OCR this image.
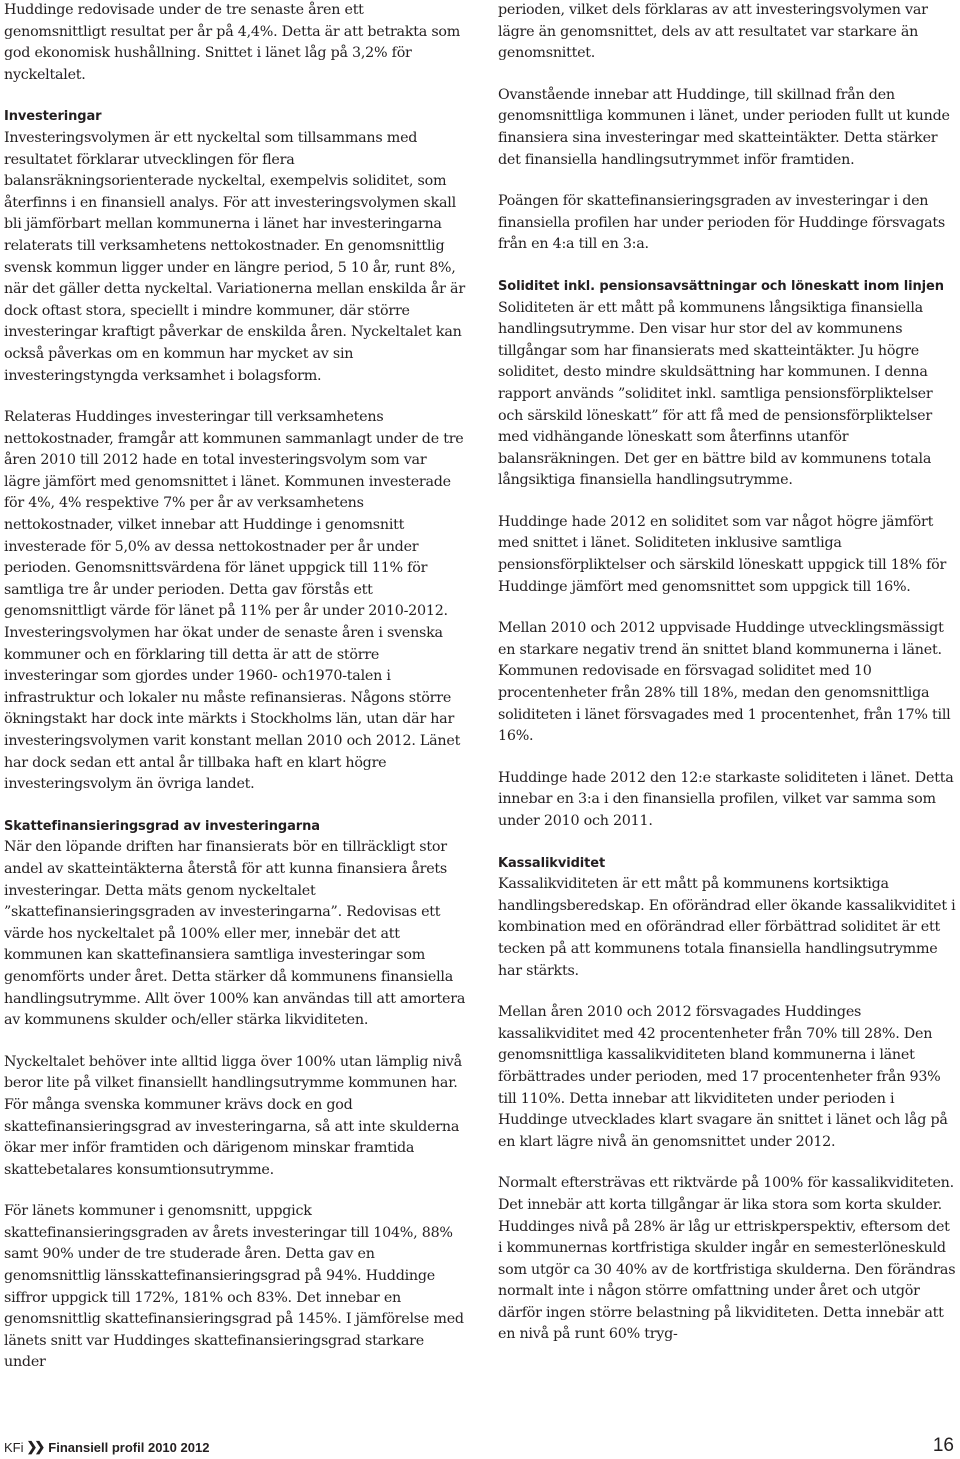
Huddinge redovisade under de tre senaste åren ett genomsnittligt resultat per år på 4,4%. Detta är att betrakta som god ekonomisk hushållning. Snittet i länet låg på 3,2% för nyckeltalet.

Investeringar

Investeringsvolymen är ett nyckeltal som tillsammans med resultatet förklarar utvecklingen för flera balansräkningsorienterade nyckeltal, exempelvis soliditet, som återfinns i en finansiell analys. För att investeringsvolymen skall bli jämförbart mellan kommunerna i länet har investeringarna relaterats till verksamhetens nettokostnader. En genomsnittlig svensk kommun ligger under en längre period, 5 10 år, runt 8%, när det gäller detta nyckeltal. Variationerna mellan enskilda år är dock oftast stora, speciellt i mindre kommuner, där större investeringar kraftigt påverkar de enskilda åren. Nyckeltalet kan också påverkas om en kommun har mycket av sin investeringstyngda verksamhet i bolagsform.

Relateras Huddinges investeringar till verksamhetens nettokostnader, framgår att kommunen sammanlagt under de tre åren 2010 till 2012 hade en total investeringsvolym som var lägre jämfört med genomsnittet i länet. Kommunen investerade för 4%, 4% respektive 7% per år av verksamhetens nettokostnader, vilket innebar att Huddinge i genomsnitt investerade för 5,0% av dessa nettokostnader per år under perioden. Genomsnittsvärdena för länet uppgick till 11% för samtliga tre år under perioden. Detta gav förstås ett genomsnittligt värde för länet på 11% per år under 2010-2012. Investeringsvolymen har ökat under de senaste åren i svenska kommuner och en förklaring till detta är att de större investeringar som gjordes under 1960- och1970-talen i infrastruktur och lokaler nu måste refinansieras. Någons större ökningstakt har dock inte märkts i Stockholms län, utan där har investeringsvolymen varit konstant mellan 2010 och 2012. Länet har dock sedan ett antal år tillbaka haft en klart högre investeringsvolym än övriga landet.

Skattefinansieringsgrad av investeringarna

När den löpande driften har finansierats bör en tillräckligt stor andel av skatteintäkterna återstå för att kunna finansiera årets investeringar. Detta mäts genom nyckeltalet ”skattefinansieringsgraden av investeringarna”. Redovisas ett värde hos nyckeltalet på 100% eller mer, innebär det att kommunen kan skattefinansiera samtliga investeringar som genomförts under året. Detta stärker då kommunens finansiella handlingsutrymme. Allt över 100% kan användas till att amortera av kommunens skulder och/eller stärka likviditeten.

Nyckeltalet behöver inte alltid ligga över 100% utan lämplig nivå beror lite på vilket finansiellt handlingsutrymme kommunen har. För många svenska kommuner krävs dock en god skattefinansieringsgrad av investeringarna, så att inte skulderna ökar mer inför framtiden och därigenom minskar framtida skattebetalares konsumtionsutrymme.

För länets kommuner i genomsnitt, uppgick skattefinansieringsgraden av årets investeringar till 104%, 88% samt 90% under de tre studerade åren. Detta gav en genomsnittlig länsskattefinansieringsgrad på 94%. Huddinge siffror uppgick till 172%, 181% och 83%. Det innebar en genomsnittlig skattefinansieringsgrad på 145%. I jämförelse med länets snitt var Huddinges skattefinansieringsgrad starkare under

perioden, vilket dels förklaras av att investeringsvolymen var lägre än genomsnittet, dels av att resultatet var starkare än genomsnittet.

Ovanstående innebar att Huddinge, till skillnad från den genomsnittliga kommunen i länet, under perioden fullt ut kunde finansiera sina investeringar med skatteintäkter. Detta stärker det finansiella handlingsutrymmet inför framtiden.

Poängen för skattefinansieringsgraden av investeringar i den finansiella profilen har under perioden för Huddinge försvagats från en 4:a till en 3:a.

Soliditet inkl. pensionsavsättningar och löneskatt inom linjen

Soliditeten är ett mått på kommunens långsiktiga finansiella handlingsutrymme. Den visar hur stor del av kommunens tillgångar som har finansierats med skatteintäkter. Ju högre soliditet, desto mindre skuldsättning har kommunen. I denna rapport används ”soliditet inkl. samtliga pensionsförpliktelser och särskild löneskatt” för att få med de pensionsförpliktelser med vidhängande löneskatt som återfinns utanför balansräkningen. Det ger en bättre bild av kommunens totala långsiktiga finansiella handlingsutrymme.

Huddinge hade 2012 en soliditet som var något högre jämfört med snittet i länet. Soliditeten inklusive samtliga pensionsförpliktelser och särskild löneskatt uppgick till 18% för Huddinge jämfört med genomsnittet som uppgick till 16%.

Mellan 2010 och 2012 uppvisade Huddinge utvecklingsmässigt en starkare negativ trend än snittet bland kommunerna i länet. Kommunen redovisade en försvagad soliditet med 10 procentenheter från 28% till 18%, medan den genomsnittliga soliditeten i länet försvagades med 1 procentenhet, från 17% till 16%.

Huddinge hade 2012 den 12:e starkaste soliditeten i länet. Detta innebar en 3:a i den finansiella profilen, vilket var samma som under 2010 och 2011.

Kassalikviditet

Kassalikviditeten är ett mått på kommunens kortsiktiga handlingsberedskap. En oförändrad eller ökande kassalikviditet i kombination med en oförändrad eller förbättrad soliditet är ett tecken på att kommunens totala finansiella handlingsutrymme har stärkts.

Mellan åren 2010 och 2012 försvagades Huddinges kassalikviditet med 42 procentenheter från 70% till 28%. Den genomsnittliga kassalikviditeten bland kommunerna i länet förbättrades under perioden, med 17 procentenheter från 93% till 110%. Detta innebar att likviditeten under perioden i Huddinge utvecklades klart svagare än snittet i länet och låg på en klart lägre nivå än genomsnittet under 2012.

Normalt eftersträvas ett riktvärde på 100% för kassalikviditeten. Det innebär att korta tillgångar är lika stora som korta skulder. Huddinges nivå på 28% är låg ur ettriskperspektiv, eftersom det i kommunernas kortfristiga skulder ingår en semesterlöneskuld som utgör ca 30 40% av de kortfristiga skulderna. Den förändras normalt inte i någon större omfattning under året och utgör därför ingen större belastning på likviditeten. Detta innebär att en nivå på runt 60% tryg-

KFi ❯❯ Finansiell profil 2010 2012	16
